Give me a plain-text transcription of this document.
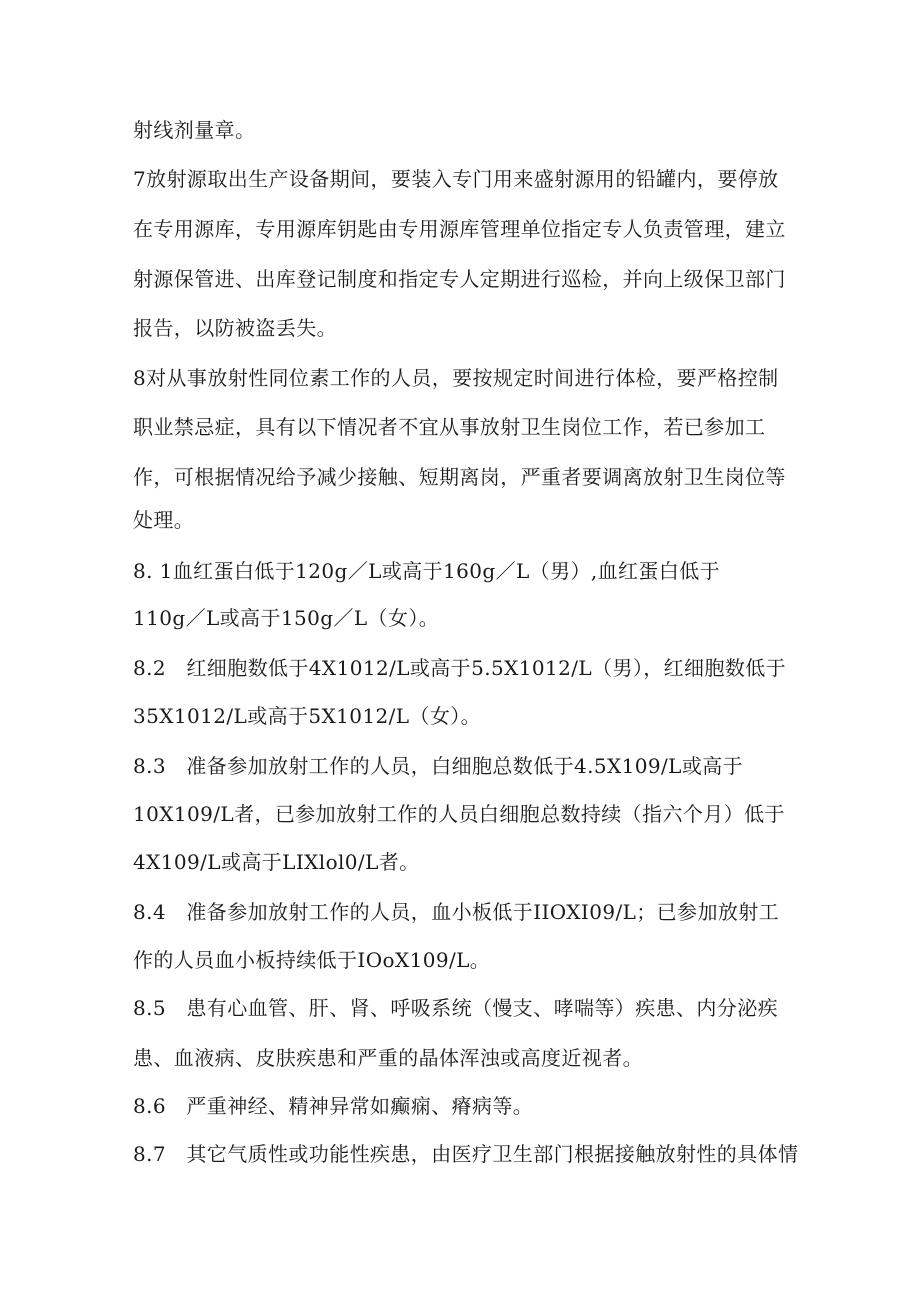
射线剂量章。
7放射源取出生产设备期间，要装入专门用来盛射源用的铅罐内，要停放
在专用源库，专用源库钥匙由专用源库管理单位指定专人负责管理，建立
射源保管进、出库登记制度和指定专人定期进行巡检，并向上级保卫部门
报告，以防被盗丢失。
8对从事放射性同位素工作的人员，要按规定时间进行体检，要严格控制
职业禁忌症，具有以下情况者不宜从事放射卫生岗位工作，若已参加工
作，可根据情况给予减少接触、短期离岗，严重者要调离放射卫生岗位等
处理。
8. 1血红蛋白低于120g／L或高于160g／L（男）,血红蛋白低于
110g／L或高于150g／L（女）。
8.2　红细胞数低于4X1012/L或高于5.5X1012/L（男），红细胞数低于
35X1012/L或高于5X1012/L（女）。
8.3　准备参加放射工作的人员，白细胞总数低于4.5X109/L或高于
10X109/L者，已参加放射工作的人员白细胞总数持续（指六个月）低于
4X109/L或高于LIXlol0/L者。
8.4　准备参加放射工作的人员，血小板低于IIOXI09/L；已参加放射工
作的人员血小板持续低于IOoX109/L。
8.5　患有心血管、肝、肾、呼吸系统（慢支、哮喘等）疾患、内分泌疾
患、血液病、皮肤疾患和严重的晶体浑浊或高度近视者。
8.6　严重神经、精神异常如癫痫、瘠病等。
8.7　其它气质性或功能性疾患，由医疗卫生部门根据接触放射性的具体情
